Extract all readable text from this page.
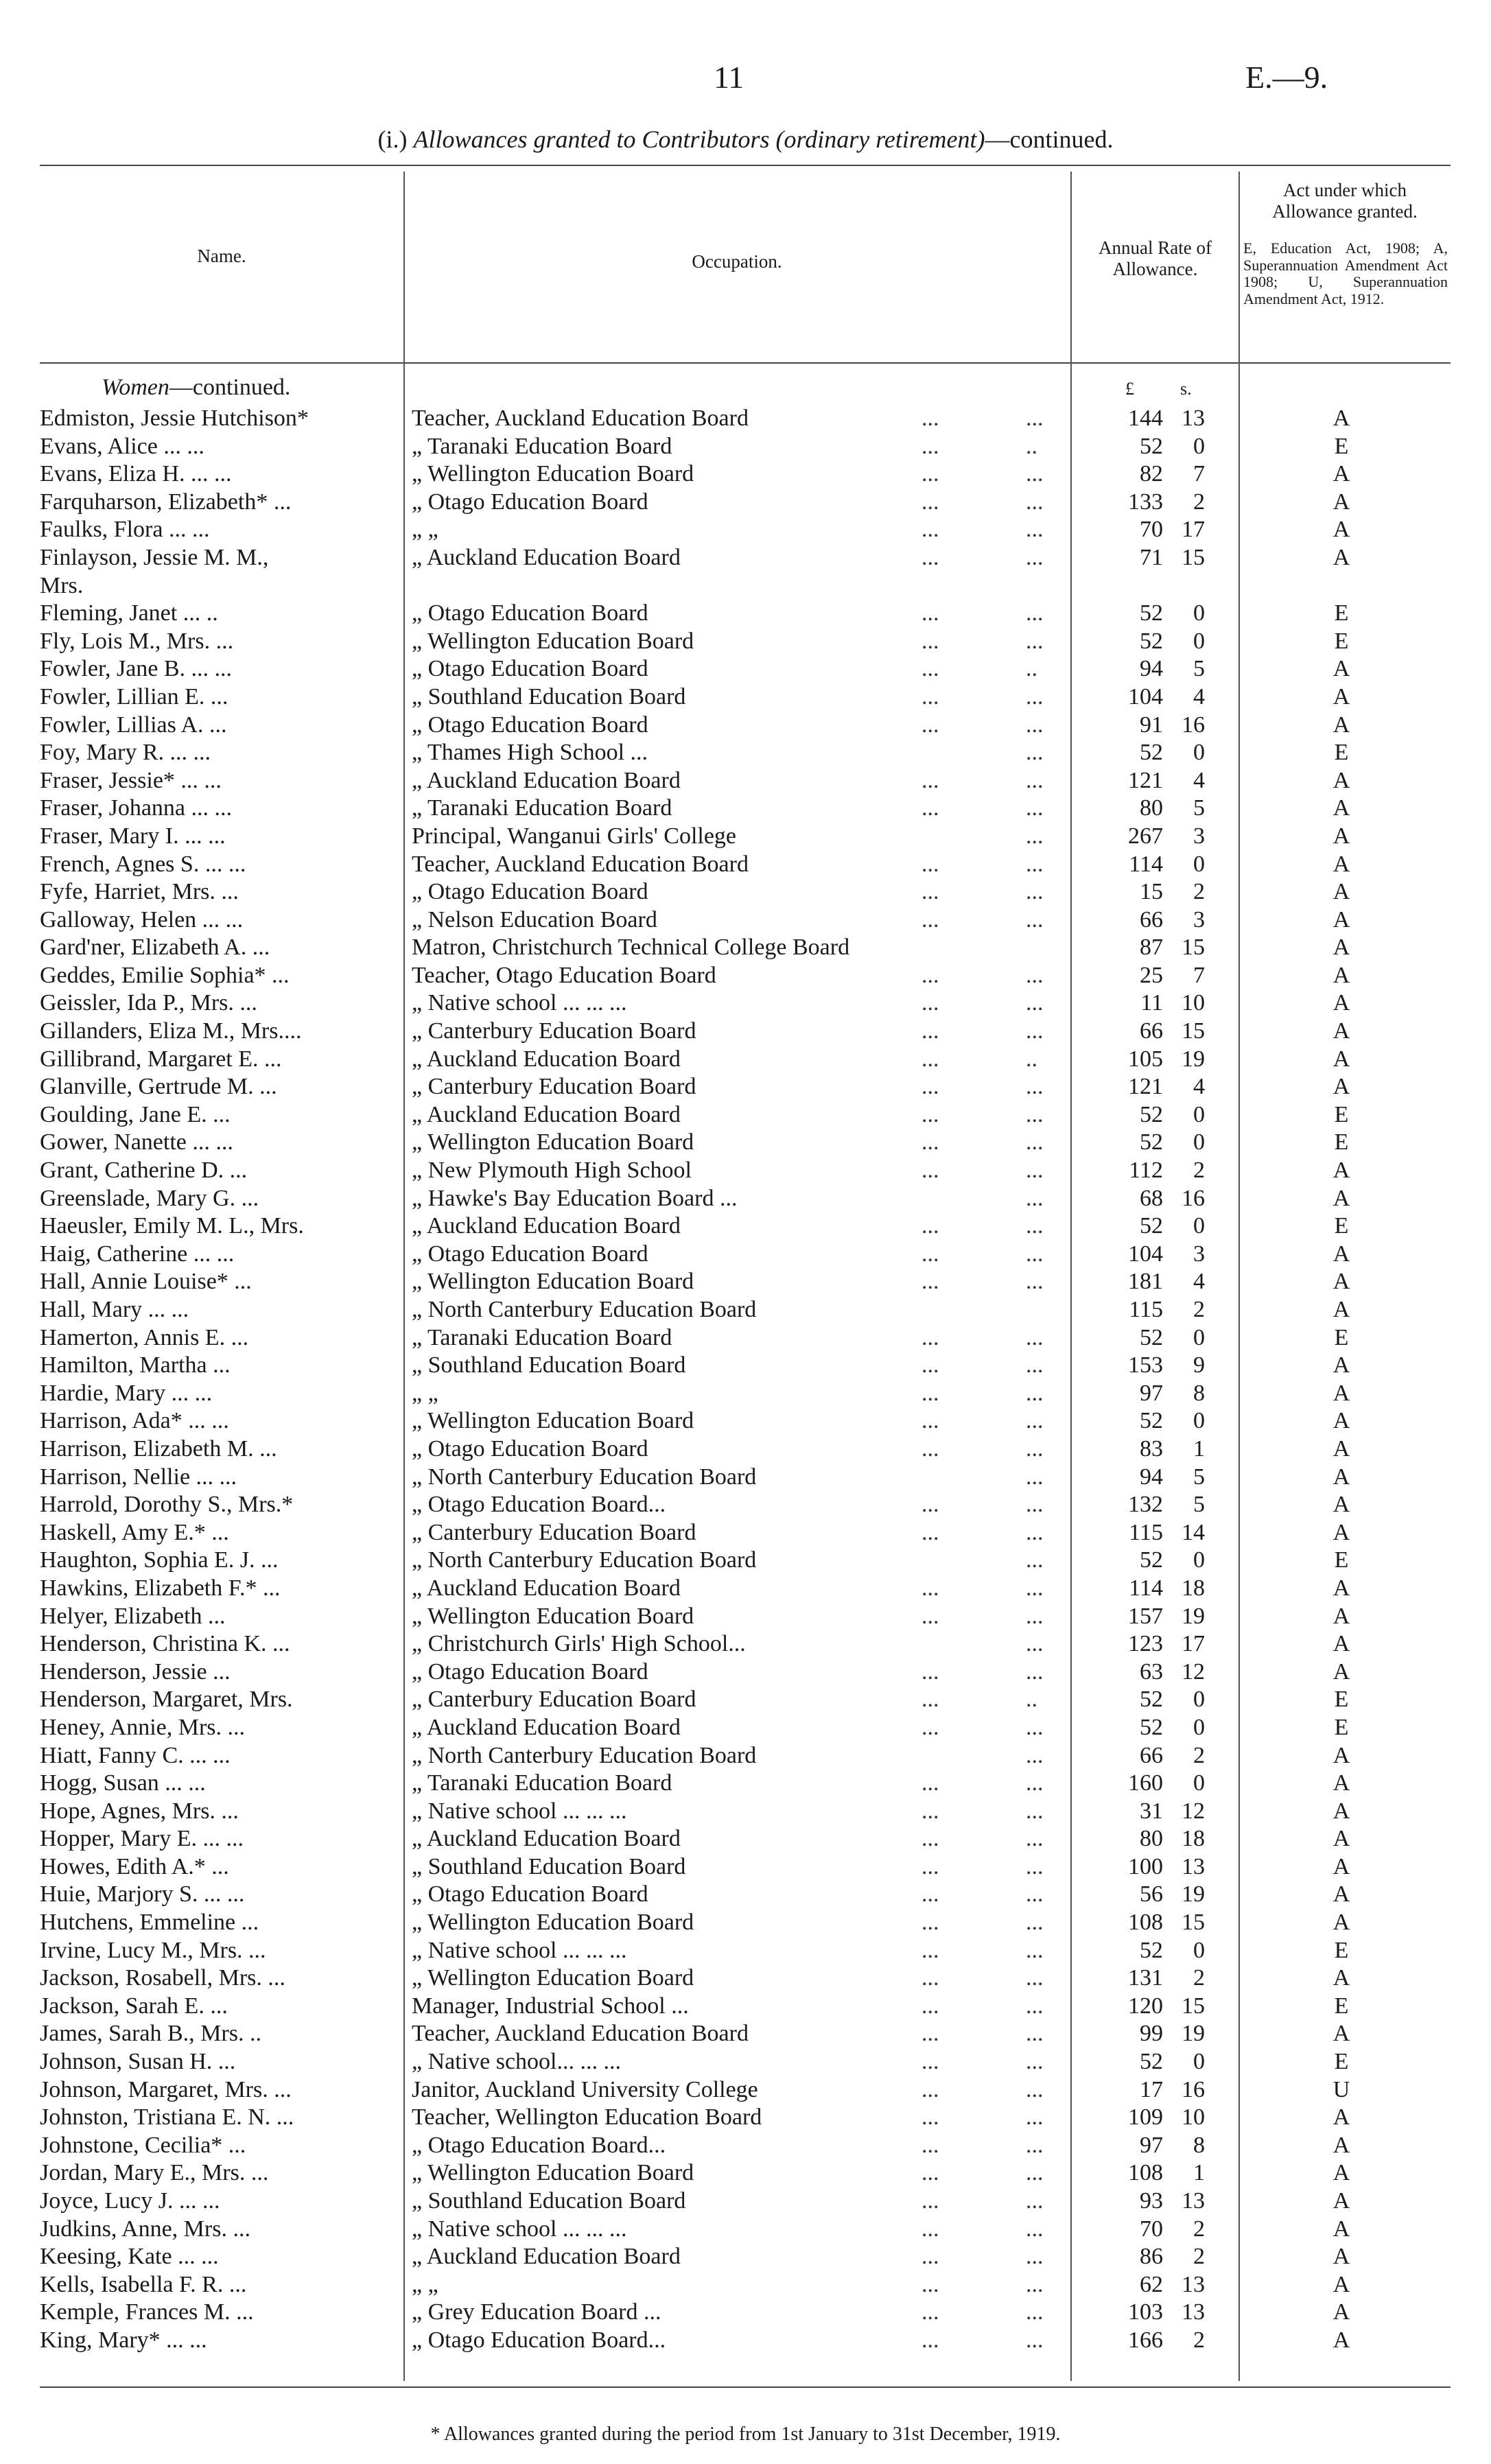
11	E.—9.
(i.) Allowances granted to Contributors (ordinary retirement)—continued.
Name.	Occupation.
Annual Rate of
Allowance.
Act under which
Allowance granted.
E, Education Act, 1908; A, Superannuation Amendment Act 1908; U, Superannuation Amendment Act, 1912.
Women—continued.	£	s.
Edmiston, Jessie Hutchison*	Teacher, Auckland Education Board	...	...	144 13	A
Evans, Alice ... ...	„ Taranaki Education Board	...	..	52	0	E
Evans, Eliza H. ... ...	„ Wellington Education Board	...	...	82	7	A
Farquharson, Elizabeth* ...	„ Otago Education Board	...	...	133	2	A
Faulks, Flora ... ...	„ „	...	...	70 17	A
Finlayson, Jessie M. M.,	„ Auckland Education Board	...	...	71 15	A
Mrs.
Fleming, Janet ... ..	„ Otago Education Board	...	...	52	0	E
Fly, Lois M., Mrs. ...	„ Wellington Education Board	...	...	52	0	E
Fowler, Jane B. ... ...	„ Otago Education Board	...	..	94	5	A
Fowler, Lillian E. ...	„ Southland Education Board	...	...	104	4	A
Fowler, Lillias A. ...	„ Otago Education Board	...	...	91 16	A
Foy, Mary R. ... ...	„ Thames High School ...	...	52	0	E
Fraser, Jessie* ... ...	„ Auckland Education Board	...	...	121	4	A
Fraser, Johanna ... ...	„ Taranaki Education Board	...	...	80	5	A
Fraser, Mary I. ... ...	Principal, Wanganui Girls' College	...	267	3	A
French, Agnes S. ... ...	Teacher, Auckland Education Board	...	...	114	0	A
Fyfe, Harriet, Mrs. ...	„ Otago Education Board	...	...	15	2	A
Galloway, Helen ... ...	„ Nelson Education Board	...	...	66	3	A
Gard'ner, Elizabeth A. ...	Matron, Christchurch Technical College Board	87 15	A
Geddes, Emilie Sophia* ...	Teacher, Otago Education Board	...	...	25	7	A
Geissler, Ida P., Mrs. ...	„ Native school ... ... ...	...	...	11 10	A
Gillanders, Eliza M., Mrs....	„ Canterbury Education Board	...	...	66 15	A
Gillibrand, Margaret E. ...	„ Auckland Education Board	...	..	105 19	A
Glanville, Gertrude M. ...	„ Canterbury Education Board	...	...	121	4	A
Goulding, Jane E. ...	„ Auckland Education Board	...	...	52	0	E
Gower, Nanette ... ...	„ Wellington Education Board	...	...	52	0	E
Grant, Catherine D. ...	„ New Plymouth High School	...	...	112	2	A
Greenslade, Mary G. ...	„ Hawke's Bay Education Board ...	...	68 16	A
Haeusler, Emily M. L., Mrs.	„ Auckland Education Board	...	...	52	0	E
Haig, Catherine ... ...	„ Otago Education Board	...	...	104	3	A
Hall, Annie Louise* ...	„ Wellington Education Board	...	...	181	4	A
Hall, Mary ... ...	„ North Canterbury Education Board	115	2	A
Hamerton, Annis E. ...	„ Taranaki Education Board	...	...	52	0	E
Hamilton, Martha ...	„ Southland Education Board	...	...	153	9	A
Hardie, Mary ... ...	„ „	...	...	97	8	A
Harrison, Ada* ... ...	„ Wellington Education Board	...	...	52	0	A
Harrison, Elizabeth M. ...	„ Otago Education Board	...	...	83	1	A
Harrison, Nellie ... ...	„ North Canterbury Education Board	...	94	5	A
Harrold, Dorothy S., Mrs.*	„ Otago Education Board...	...	...	132	5	A
Haskell, Amy E.* ...	„ Canterbury Education Board	...	...	115 14	A
Haughton, Sophia E. J. ...	„ North Canterbury Education Board	...	52	0	E
Hawkins, Elizabeth F.* ...	„ Auckland Education Board	...	...	114 18	A
Helyer, Elizabeth ...	„ Wellington Education Board	...	...	157 19	A
Henderson, Christina K. ...	„ Christchurch Girls' High School...	...	123 17	A
Henderson, Jessie ...	„ Otago Education Board	...	...	63 12	A
Henderson, Margaret, Mrs.	„ Canterbury Education Board	...	..	52	0	E
Heney, Annie, Mrs. ...	„ Auckland Education Board	...	...	52	0	E
Hiatt, Fanny C. ... ...	„ North Canterbury Education Board	...	66	2	A
Hogg, Susan ... ...	„ Taranaki Education Board	...	...	160	0	A
Hope, Agnes, Mrs. ...	„ Native school ... ... ...	...	...	31 12	A
Hopper, Mary E. ... ...	„ Auckland Education Board	...	...	80 18	A
Howes, Edith A.* ...	„ Southland Education Board	...	...	100 13	A
Huie, Marjory S. ... ...	„ Otago Education Board	...	...	56 19	A
Hutchens, Emmeline ...	„ Wellington Education Board	...	...	108 15	A
Irvine, Lucy M., Mrs. ...	„ Native school ... ... ...	...	...	52	0	E
Jackson, Rosabell, Mrs. ...	„ Wellington Education Board	...	...	131	2	A
Jackson, Sarah E. ...	Manager, Industrial School ...	...	...	120 15	E
James, Sarah B., Mrs. ..	Teacher, Auckland Education Board	...	...	99 19	A
Johnson, Susan H. ...	„ Native school... ... ...	...	...	52	0	E
Johnson, Margaret, Mrs. ...	Janitor, Auckland University College	...	...	17 16	U
Johnston, Tristiana E. N. ...	Teacher, Wellington Education Board	...	...	109 10	A
Johnstone, Cecilia* ...	„ Otago Education Board...	...	...	97	8	A
Jordan, Mary E., Mrs. ...	„ Wellington Education Board	...	...	108	1	A
Joyce, Lucy J. ... ...	„ Southland Education Board	...	...	93 13	A
Judkins, Anne, Mrs. ...	„ Native school ... ... ...	...	...	70	2	A
Keesing, Kate ... ...	„ Auckland Education Board	...	...	86	2	A
Kells, Isabella F. R. ...	„ „	...	...	62 13	A
Kemple, Frances M. ...	„ Grey Education Board ...	...	...	103 13	A
King, Mary* ... ...	„ Otago Education Board...	...	...	166	2	A
* Allowances granted during the period from 1st January to 31st December, 1919.
